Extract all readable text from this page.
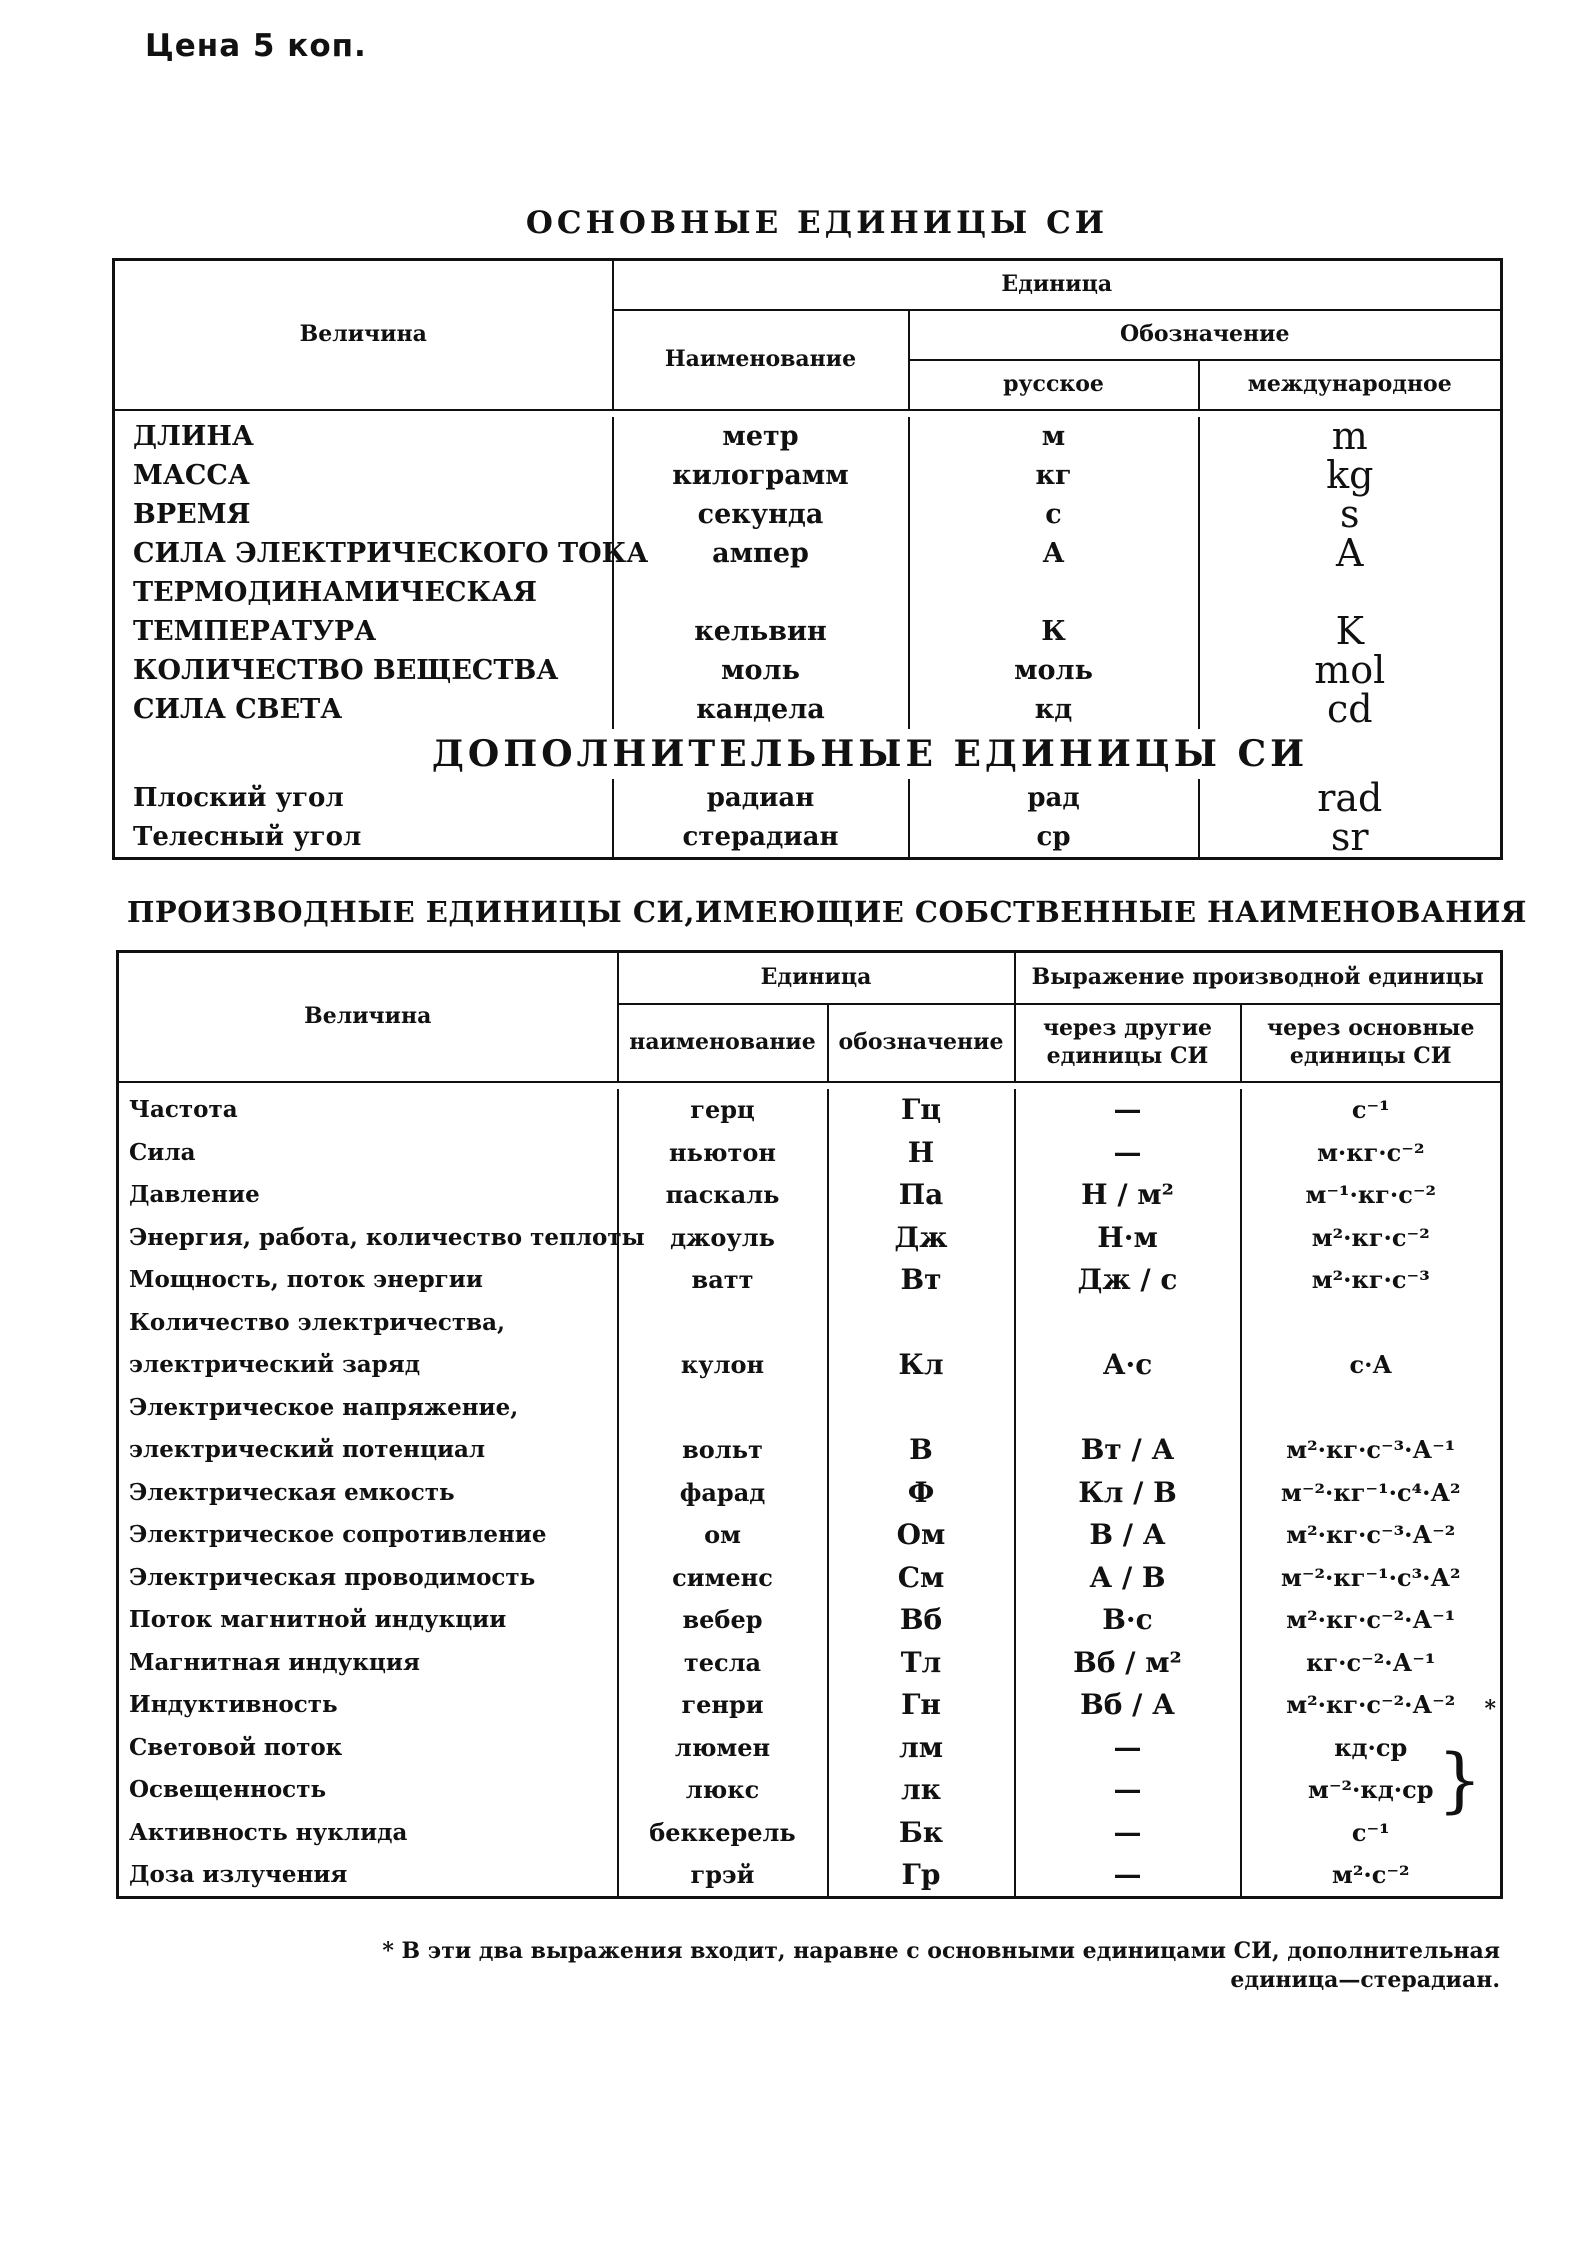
Цена 5 коп.
ОСНОВНЫЕ ЕДИНИЦЫ СИ
Величина	Единица		
	Наименование	Обозначение	
		русское	международное

ДЛИНА	метр	м	m
МАССА	килограмм	кг	kg
ВРЕМЯ	секунда	с	s
СИЛА ЭЛЕКТРИЧЕСКОГО ТОКА	ампер	А	A
ТЕРМОДИНАМИЧЕСКАЯ			
ТЕМПЕРАТУРА	кельвин	К	K
КОЛИЧЕСТВО ВЕЩЕСТВА	моль	моль	mol
СИЛА СВЕТА	кандела	кд	cd
ДОПОЛНИТЕЛЬНЫЕ ЕДИНИЦЫ СИ			
Плоский угол	радиан	рад	rad
Телесный угол	стерадиан	ср	sr
ПРОИЗВОДНЫЕ ЕДИНИЦЫ СИ,ИМЕЮЩИЕ СОБСТВЕННЫЕ НАИМЕНОВАНИЯ
Величина	Единица		Выражение производной единицы	
	наименование	обозначение	через другие единицы СИ	через основные единицы СИ

Частота	герц	Гц	—	с⁻¹
Сила	ньютон	Н	—	м·кг·с⁻²
Давление	паскаль	Па	Н / м²	м⁻¹·кг·с⁻²
Энергия, работа, количество теплоты	джоуль	Дж	Н·м	м²·кг·с⁻²
Мощность, поток энергии	ватт	Вт	Дж / с	м²·кг·с⁻³
Количество электричества,				
электрический заряд	кулон	Кл	А·с	с·А
Электрическое напряжение,				
электрический потенциал	вольт	В	Вт / А	м²·кг·с⁻³·А⁻¹
Электрическая емкость	фарад	Ф	Кл / В	м⁻²·кг⁻¹·с⁴·А²
Электрическое сопротивление	ом	Ом	В / А	м²·кг·с⁻³·А⁻²
Электрическая проводимость	сименс	См	А / В	м⁻²·кг⁻¹·с³·А²
Поток магнитной индукции	вебер	Вб	В·с	м²·кг·с⁻²·А⁻¹
Магнитная индукция	тесла	Тл	Вб / м²	кг·с⁻²·А⁻¹
Индуктивность	генри	Гн	Вб / А	м²·кг·с⁻²·А⁻²
Световой поток	люмен	лм	—	кд·ср
*

Освещенность	люкс	лк	—	м⁻²·кд·ср }

Активность нуклида	беккерель	Бк	—	с⁻¹
Доза излучения	грэй	Гр	—	м²·с⁻²
* В эти два выражения входит, наравне с основными единицами СИ, дополнительная
единица—стерадиан.
